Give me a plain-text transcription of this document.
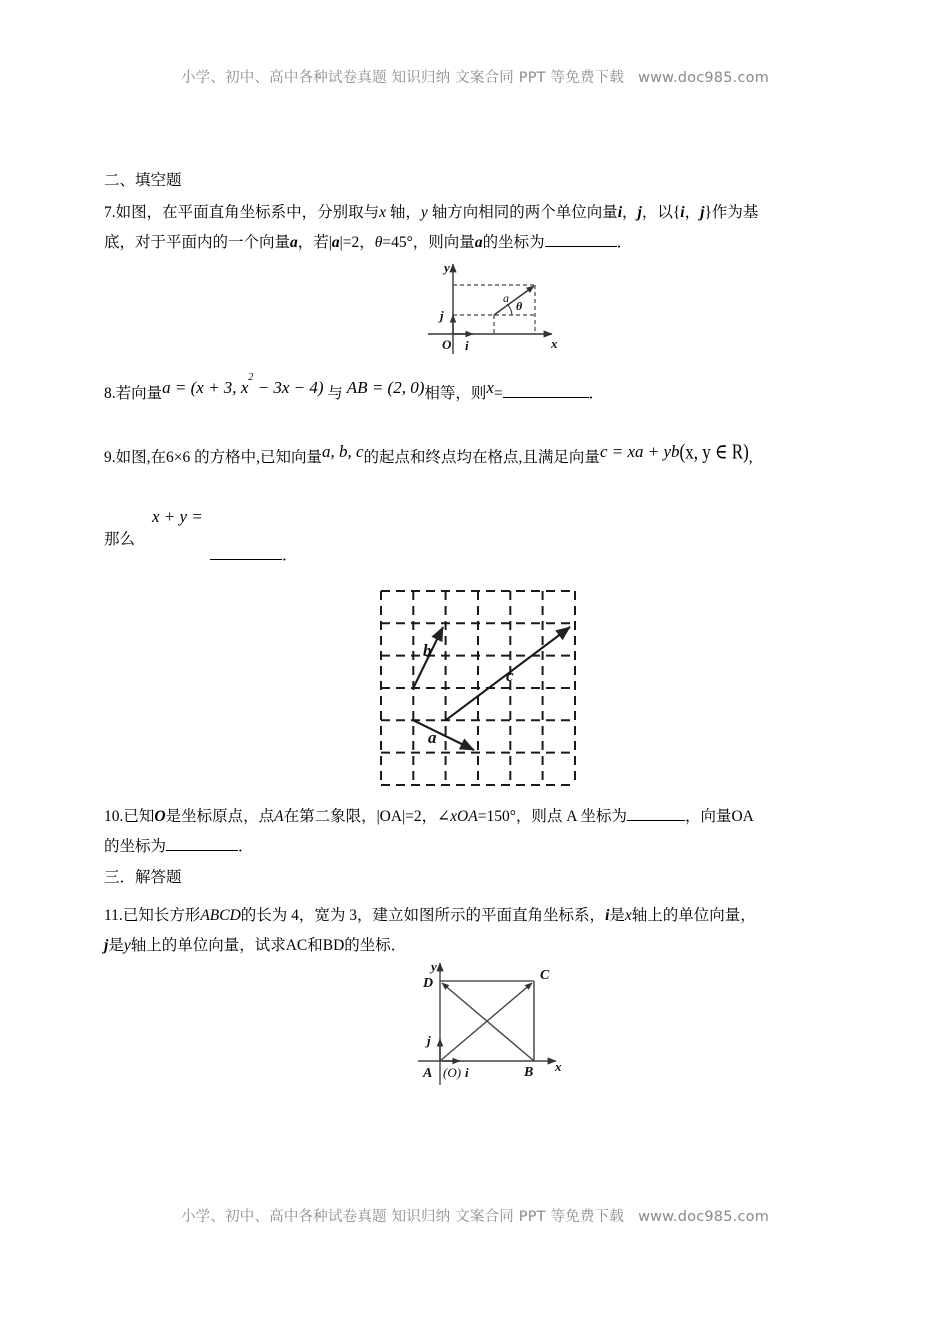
小学、初中、高中各种试卷真题 知识归纳 文案合同 PPT 等免费下载 www.doc985.com

二、填空题

7.如图，在平面直角坐标系中，分别取与x 轴，y 轴方向相同的两个单位向量i，j，以{i，j}作为基

底，对于平面内的一个向量a，若|a|=2，θ=45°，则向量a的坐标为	．

8.若向量a = (x + 3, $x^2 - 3x - 4$) 与 AB = (2, 0)相等，则x=	．

9.如图,在6×6 的方格中,已知向量a, b, c的起点和终点均在格点,且满足向量c = xa + yb(x, y ∈ R),

x + y =
那么
．

10.已知O是坐标原点，点A在第二象限，|OA|=2，∠xOA=150°，则点 A 坐标为	，向量OA

的坐标为	．

三．解答题

11.已知长方形ABCD的长为 4，宽为 3，建立如图所示的平面直角坐标系，i是x轴上的单位向量，

j是y轴上的单位向量，试求AC和BD的坐标．

y
x
O i
j
a
θ
b
a
c
y
x
D
C
A	B
(O) i
j
小学、初中、高中各种试卷真题 知识归纳 文案合同 PPT 等免费下载 www.doc985.com
